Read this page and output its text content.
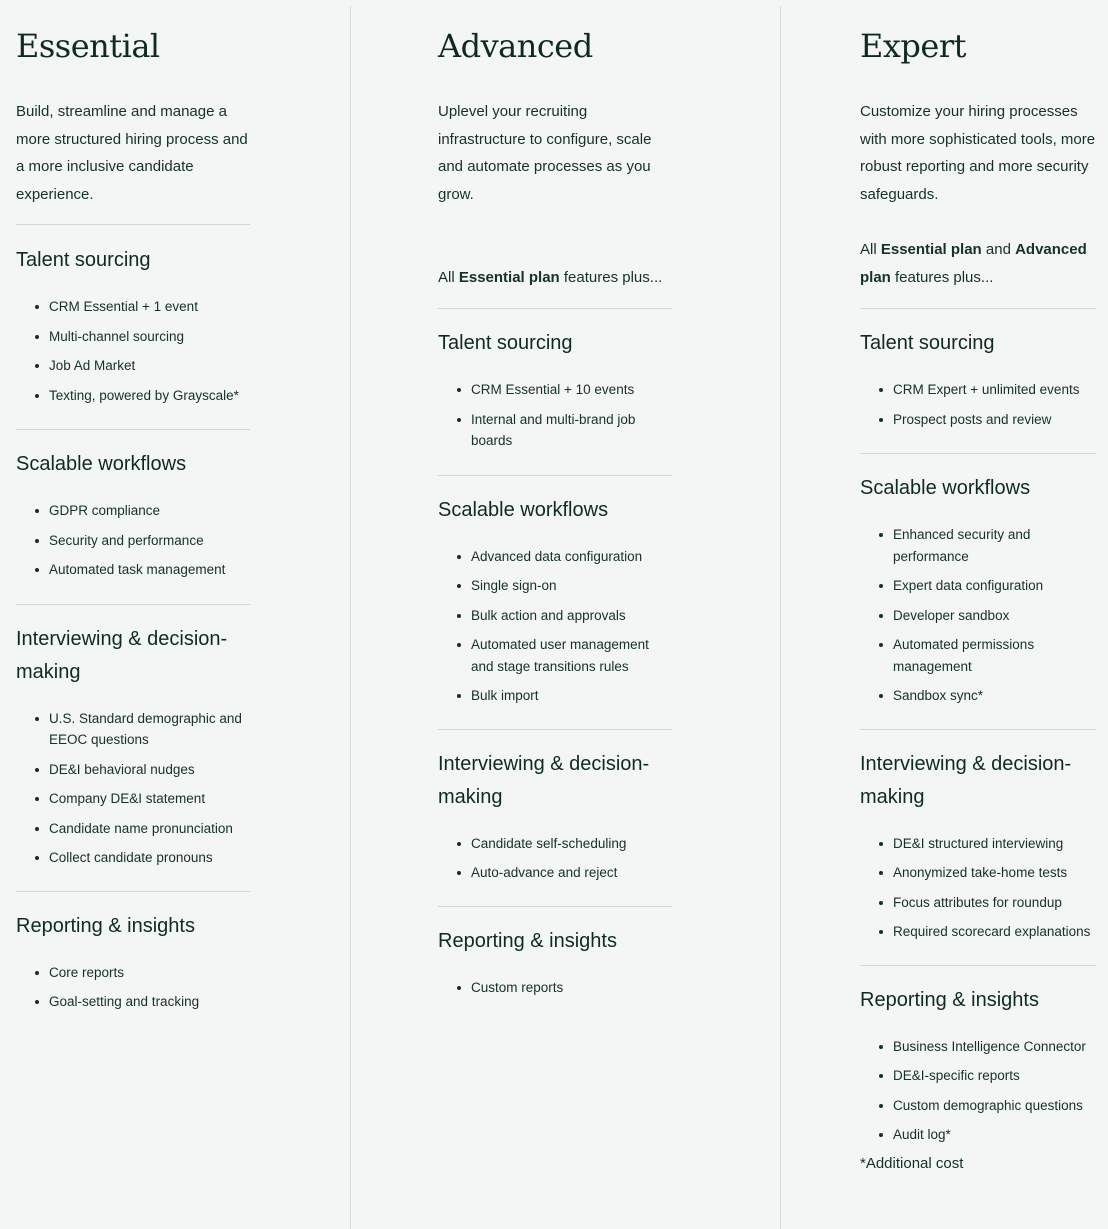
Essential

Build, streamline and manage a more structured hiring process and a more inclusive candidate experience.

Talent sourcing
CRM Essential + 1 event
Multi-channel sourcing
Job Ad Market
Texting, powered by Grayscale*
Scalable workflows
GDPR compliance
Security and performance
Automated task management
Interviewing & decision-making
U.S. Standard demographic and EEOC questions
DE&I behavioral nudges
Company DE&I statement
Candidate name pronunciation
Collect candidate pronouns
Reporting & insights
Core reports
Goal-setting and tracking
Advanced

Uplevel your recruiting infrastructure to configure, scale and automate processes as you grow.

All Essential plan features plus...

Talent sourcing
CRM Essential + 10 events
Internal and multi-brand job boards
Scalable workflows
Advanced data configuration
Single sign-on
Bulk action and approvals
Automated user management and stage transitions rules
Bulk import
Interviewing & decision-making
Candidate self-scheduling
Auto-advance and reject
Reporting & insights
Custom reports
Expert

Customize your hiring processes with more sophisticated tools, more robust reporting and more security safeguards.

All Essential plan and Advanced plan features plus...

Talent sourcing
CRM Expert + unlimited events
Prospect posts and review
Scalable workflows
Enhanced security and performance
Expert data configuration
Developer sandbox
Automated permissions management
Sandbox sync*
Interviewing & decision-making
DE&I structured interviewing
Anonymized take-home tests
Focus attributes for roundup
Required scorecard explanations
Reporting & insights
Business Intelligence Connector
DE&I-specific reports
Custom demographic questions
Audit log*

*Additional cost
